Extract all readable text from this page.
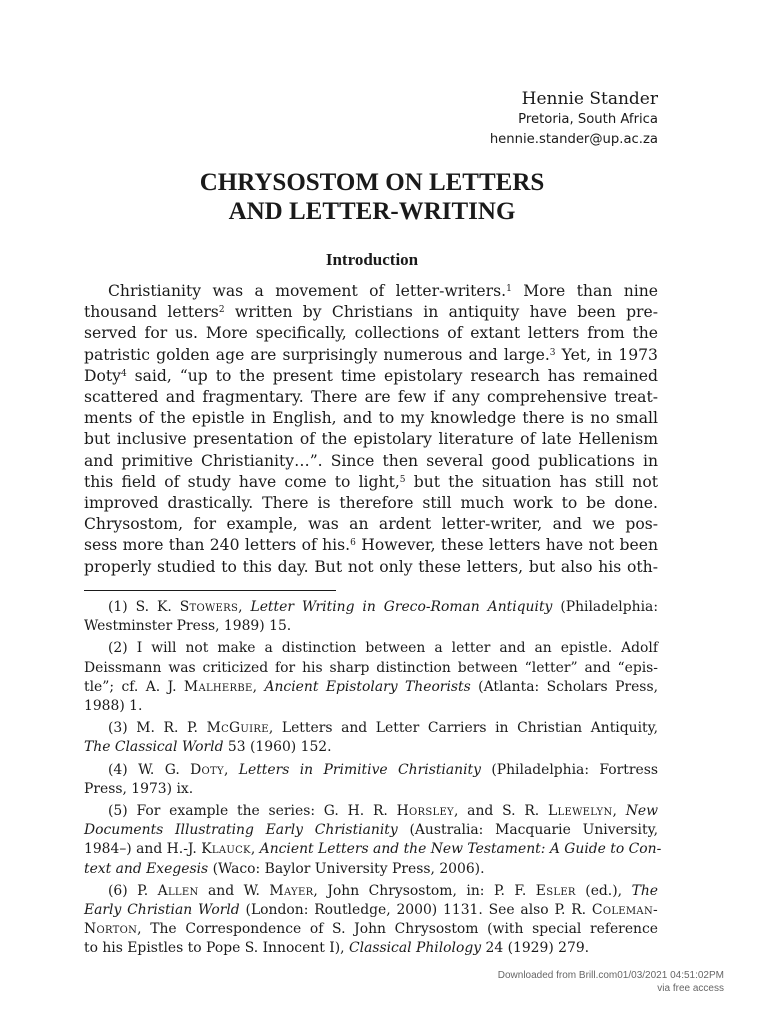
Hennie Stander
Pretoria, South Africa
hennie.stander@up.ac.za
CHRYSOSTOM ON LETTERS
AND LETTER-WRITING
Introduction
Christianity was a movement of letter-writers.$^1$ More than nine
thousand letters$^2$ written by Christians in antiquity have been pre-
served for us. More specifically, collections of extant letters from the
patristic golden age are surprisingly numerous and large.$^3$ Yet, in 1973
Doty$^4$ said, “up to the present time epistolary research has remained
scattered and fragmentary. There are few if any comprehensive treat-
ments of the epistle in English, and to my knowledge there is no small
but inclusive presentation of the epistolary literature of late Hellenism
and primitive Christianity…”. Since then several good publications in
this field of study have come to light,$^5$ but the situation has still not
improved drastically. There is therefore still much work to be done.
Chrysostom, for example, was an ardent letter-writer, and we pos-
sess more than 240 letters of his.$^6$ However, these letters have not been
properly studied to this day. But not only these letters, but also his oth-
(1) S. K. Stowers, Letter Writing in Greco-Roman Antiquity (Philadelphia:
Westminster Press, 1989) 15.
(2) I will not make a distinction between a letter and an epistle. Adolf
Deissmann was criticized for his sharp distinction between “letter” and “epis-
tle”; cf. A. J. Malherbe, Ancient Epistolary Theorists (Atlanta: Scholars Press,
1988) 1.
(3) M. R. P. McGuire, Letters and Letter Carriers in Christian Antiquity,
The Classical World 53 (1960) 152.
(4) W. G. Doty, Letters in Primitive Christianity (Philadelphia: Fortress
Press, 1973) ix.
(5) For example the series: G. H. R. Horsley, and S. R. Llewelyn, New
Documents Illustrating Early Christianity (Australia: Macquarie University,
1984–) and H.-J. Klauck, Ancient Letters and the New Testament: A Guide to Con-
text and Exegesis (Waco: Baylor University Press, 2006).
(6) P. Allen and W. Mayer, John Chrysostom, in: P. F. Esler (ed.), The
Early Christian World (London: Routledge, 2000) 1131. See also P. R. Coleman-
Norton, The Correspondence of S. John Chrysostom (with special reference
to his Epistles to Pope S. Innocent I), Classical Philology 24 (1929) 279.
Downloaded from Brill.com01/03/2021 04:51:02PM
via free access
